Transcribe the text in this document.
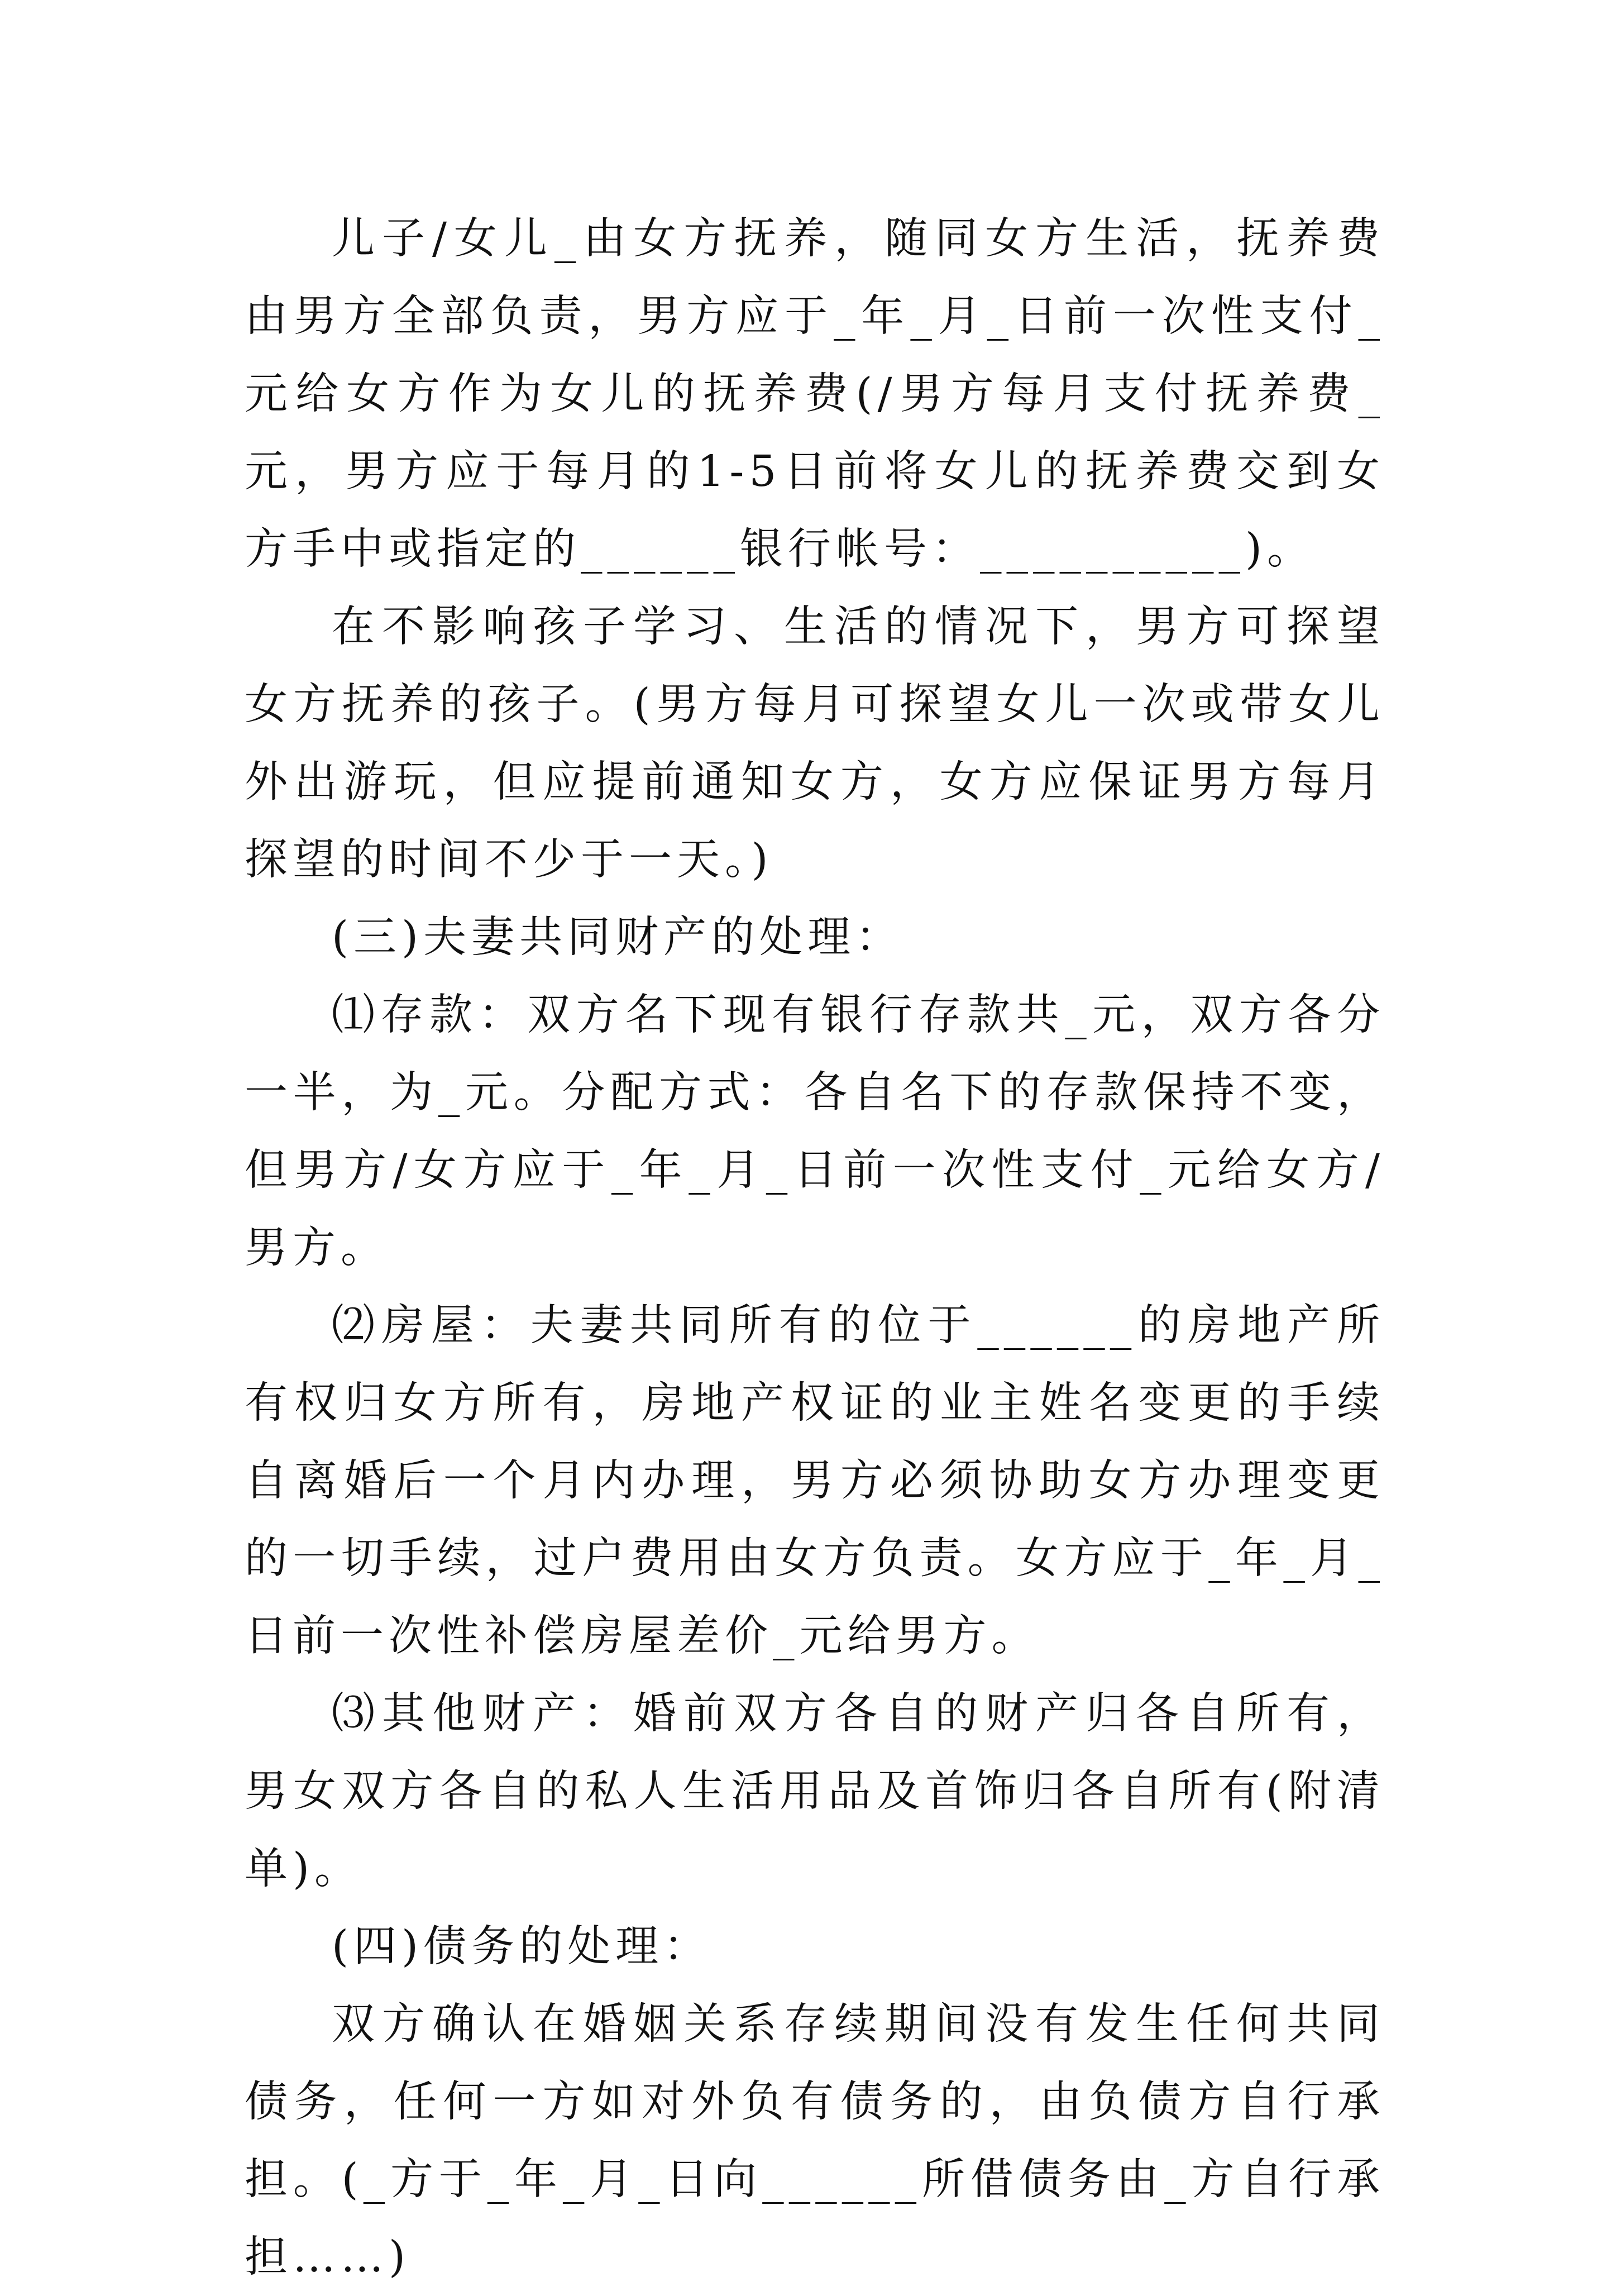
儿子/女儿_由女方抚养，随同女方生活，抚养费由男方全部负责，男方应于_年_月_日前一次性支付_元给女方作为女儿的抚养费(/男方每月支付抚养费_元，男方应于每月的1-5日前将女儿的抚养费交到女方手中或指定的______银行帐号：__________)。

在不影响孩子学习、生活的情况下，男方可探望女方抚养的孩子。(男方每月可探望女儿一次或带女儿外出游玩，但应提前通知女方，女方应保证男方每月探望的时间不少于一天。)

(三)夫妻共同财产的处理：

⑴存款：双方名下现有银行存款共_元，双方各分一半，为_元。分配方式：各自名下的存款保持不变，但男方/女方应于_年_月_日前一次性支付_元给女方/男方。

⑵房屋：夫妻共同所有的位于______的房地产所有权归女方所有，房地产权证的业主姓名变更的手续自离婚后一个月内办理，男方必须协助女方办理变更的一切手续，过户费用由女方负责。女方应于_年_月_日前一次性补偿房屋差价_元给男方。

⑶其他财产：婚前双方各自的财产归各自所有，男女双方各自的私人生活用品及首饰归各自所有(附清单)。

(四)债务的处理：

双方确认在婚姻关系存续期间没有发生任何共同债务，任何一方如对外负有债务的，由负债方自行承担。(_方于_年_月_日向______所借债务由_方自行承担……)
